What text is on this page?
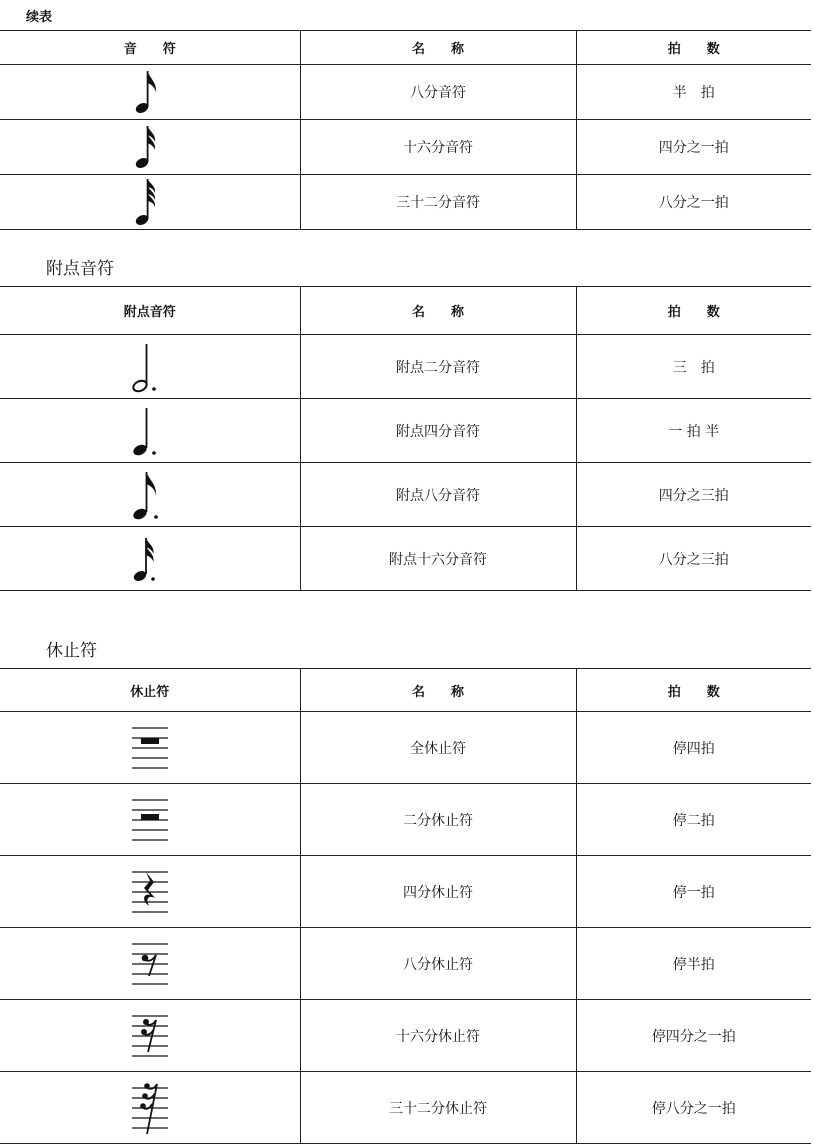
续表
音　　符	名　　称	拍　　数

	八分音符	半　拍

	十六分音符	四分之一拍

	三十二分音符	八分之一拍
附点音符
附点音符	名　　称	拍　　数

	附点二分音符	三　拍

	附点四分音符	一 拍 半

	附点八分音符	四分之三拍

	附点十六分音符	八分之三拍
休止符
休止符	名　　称	拍　　数

	全休止符	停四拍

	二分休止符	停二拍

	四分休止符	停一拍

	八分休止符	停半拍

	十六分休止符	停四分之一拍

	三十二分休止符	停八分之一拍
